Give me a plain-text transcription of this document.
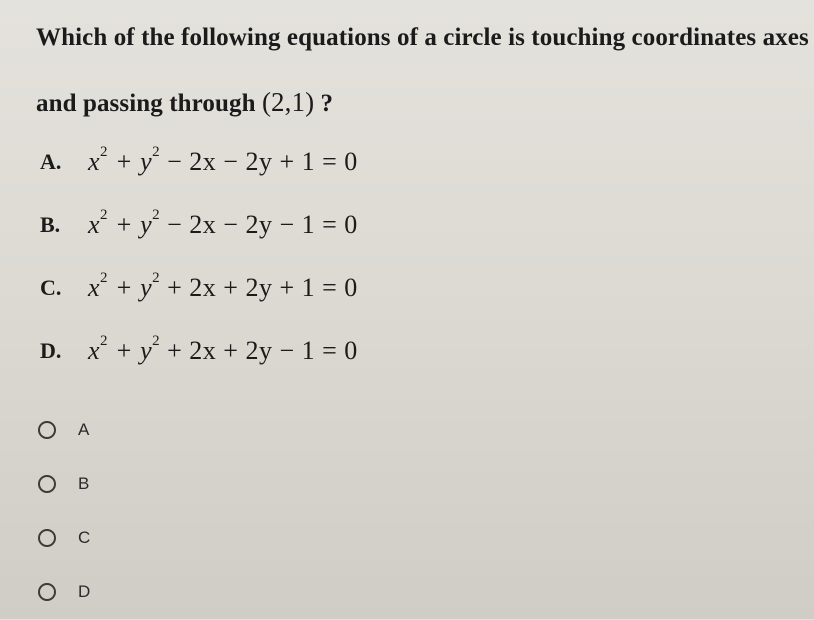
Which of the following equations of a circle is touching coordinates axes
and passing through (2,1) ?
A.	$x^2 + y^2 - 2x - 2y + 1 = 0$
B.	$x^2 + y^2 - 2x - 2y - 1 = 0$
C.	$x^2 + y^2 + 2x + 2y + 1 = 0$
D.	$x^2 + y^2 + 2x + 2y - 1 = 0$
A
B
C
D
